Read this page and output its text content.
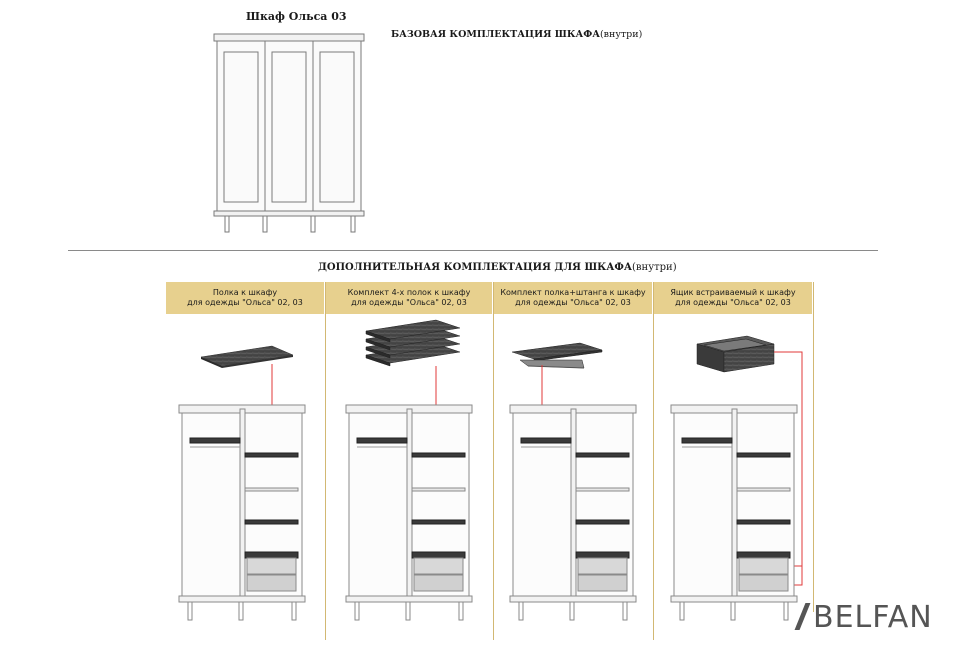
Шкаф Ольса 03
БАЗОВАЯ КОМПЛЕКТАЦИЯ ШКАФА(внутри)
ДОПОЛНИТЕЛЬНАЯ КОМПЛЕКТАЦИЯ ДЛЯ ШКАФА(внутри)
Полка к шкафу
для одежды "Ольса" 02, 03
Комплект 4-х полок к шкафу
для одежды "Ольса" 02, 03
Комплект полка+штанга к шкафу
для одежды "Ольса" 02, 03
Ящик встраиваемый к шкафу
для одежды "Ольса" 02, 03
BELFAN
